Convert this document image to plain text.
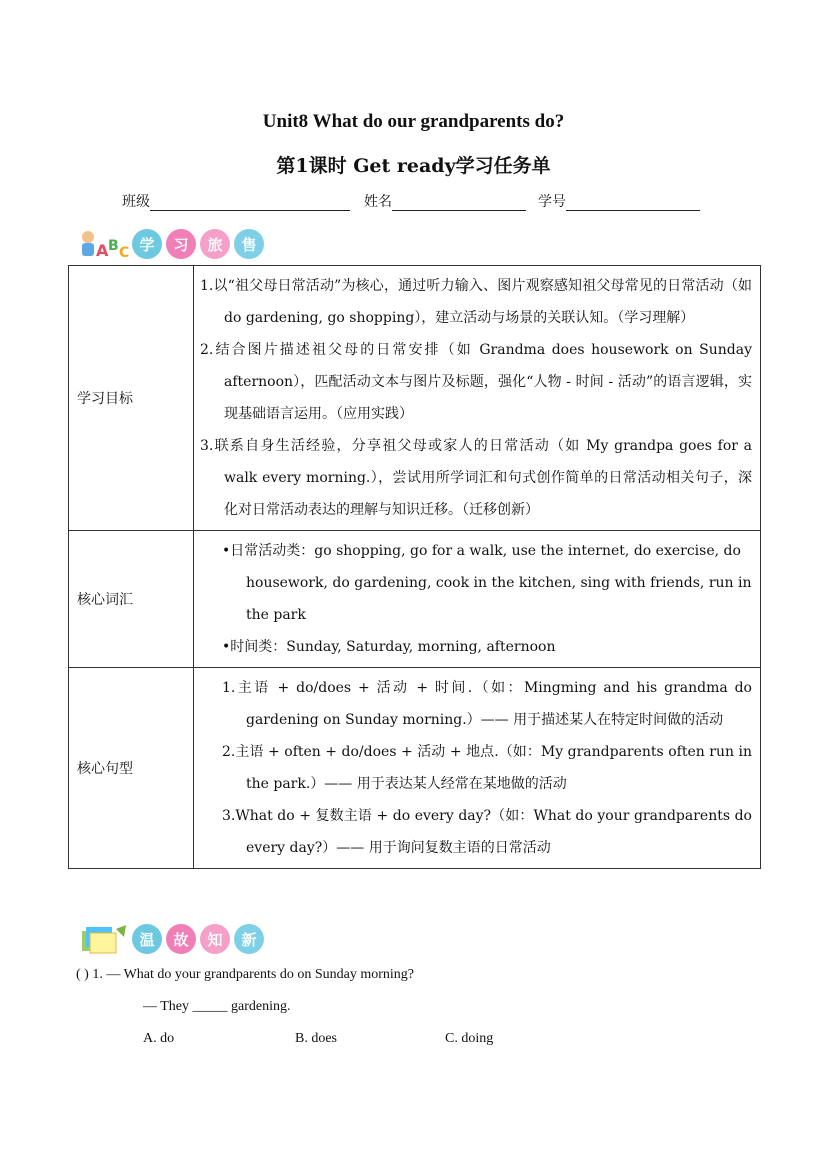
Unit8 What do our grandparents do?
第1课时 Get ready学习任务单
班级	姓名	学号
A B C 学	习	旅	售
学习目标	1.以“祖父母日常活动”为核心，通过听力输入、图片观察感知祖父母常见的日常活动（如 do gardening, go shopping），建立活动与场景的关联认知。（学习理解）

2.结合图片描述祖父母的日常安排（如 Grandma does housework on Sunday afternoon），匹配活动文本与图片及标题，强化“人物 - 时间 - 活动”的语言逻辑，实现基础语言运用。（应用实践）

3.联系自身生活经验，分享祖父母或家人的日常活动（如 My grandpa goes for a walk every morning.），尝试用所学词汇和句式创作简单的日常活动相关句子，深化对日常活动表达的理解与知识迁移。（迁移创新）

核心词汇	•日常活动类：go shopping, go for a walk, use the internet, do exercise, do housework, do gardening, cook in the kitchen, sing with friends, run in the park

•时间类：Sunday, Saturday, morning, afternoon

核心句型	1.主语 + do/does + 活动 + 时间.（如：Mingming and his grandma do gardening on Sunday morning.）—— 用于描述某人在特定时间做的活动

2.主语 + often + do/does + 活动 + 地点.（如：My grandparents often run in the park.）—— 用于表达某人经常在某地做的活动

3.What do + 复数主语 + do every day?（如：What do your grandparents do every day?）—— 用于询问复数主语的日常活动

温	故	知	新
( ) 1. — What do your grandparents do on Sunday morning?
— They _____ gardening.
A. do	B. does	C. doing
